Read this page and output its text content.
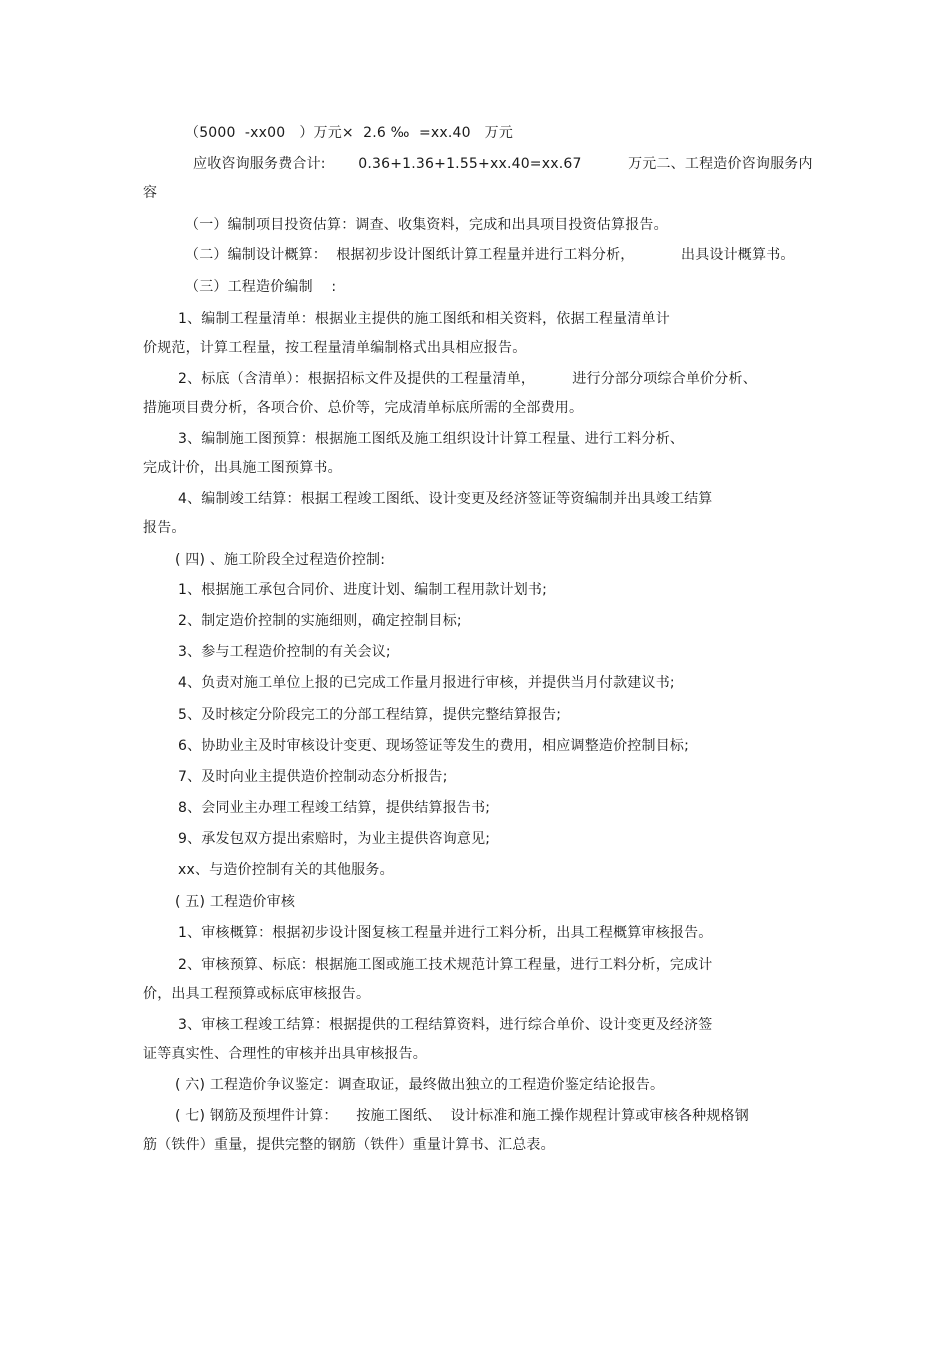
（5000  -xx00   ）万元×  2.6 ‰  =xx.40   万元
应收咨询服务费合计:       0.36+1.36+1.55+xx.40=xx.67          万元二、工程造价咨询服务内
容
（一）编制项目投资估算：调查、收集资料，完成和出具项目投资估算报告。
（二）编制设计概算：  根据初步设计图纸计算工程量并进行工料分析，          出具设计概算书。
（三）工程造价编制    :
1、编制工程量清单：根据业主提供的施工图纸和相关资料，依据工程量清单计
价规范，计算工程量，按工程量清单编制格式出具相应报告。
2、标底（含清单）：根据招标文件及提供的工程量清单，        进行分部分项综合单价分析、
措施项目费分析，各项合价、总价等，完成清单标底所需的全部费用。
3、编制施工图预算：根据施工图纸及施工组织设计计算工程量、进行工料分析、
完成计价，出具施工图预算书。
4、编制竣工结算：根据工程竣工图纸、设计变更及经济签证等资编制并出具竣工结算
报告。
( 四) 、施工阶段全过程造价控制:
1、根据施工承包合同价、进度计划、编制工程用款计划书;
2、制定造价控制的实施细则，确定控制目标;
3、参与工程造价控制的有关会议;
4、负责对施工单位上报的已完成工作量月报进行审核，并提供当月付款建议书;
5、及时核定分阶段完工的分部工程结算，提供完整结算报告;
6、协助业主及时审核设计变更、现场签证等发生的费用，相应调整造价控制目标;
7、及时向业主提供造价控制动态分析报告;
8、会同业主办理工程竣工结算，提供结算报告书;
9、承发包双方提出索赔时，为业主提供咨询意见;
xx、与造价控制有关的其他服务。
( 五) 工程造价审核
1、审核概算：根据初步设计图复核工程量并进行工料分析，出具工程概算审核报告。
2、审核预算、标底：根据施工图或施工技术规范计算工程量，进行工料分析，完成计
价，出具工程预算或标底审核报告。
3、审核工程竣工结算：根据提供的工程结算资料，进行综合单价、设计变更及经济签
证等真实性、合理性的审核并出具审核报告。
( 六) 工程造价争议鉴定：调查取证，最终做出独立的工程造价鉴定结论报告。
( 七) 钢筋及预埋件计算：    按施工图纸、  设计标准和施工操作规程计算或审核各种规格钢
筋（铁件）重量，提供完整的钢筋（铁件）重量计算书、汇总表。
